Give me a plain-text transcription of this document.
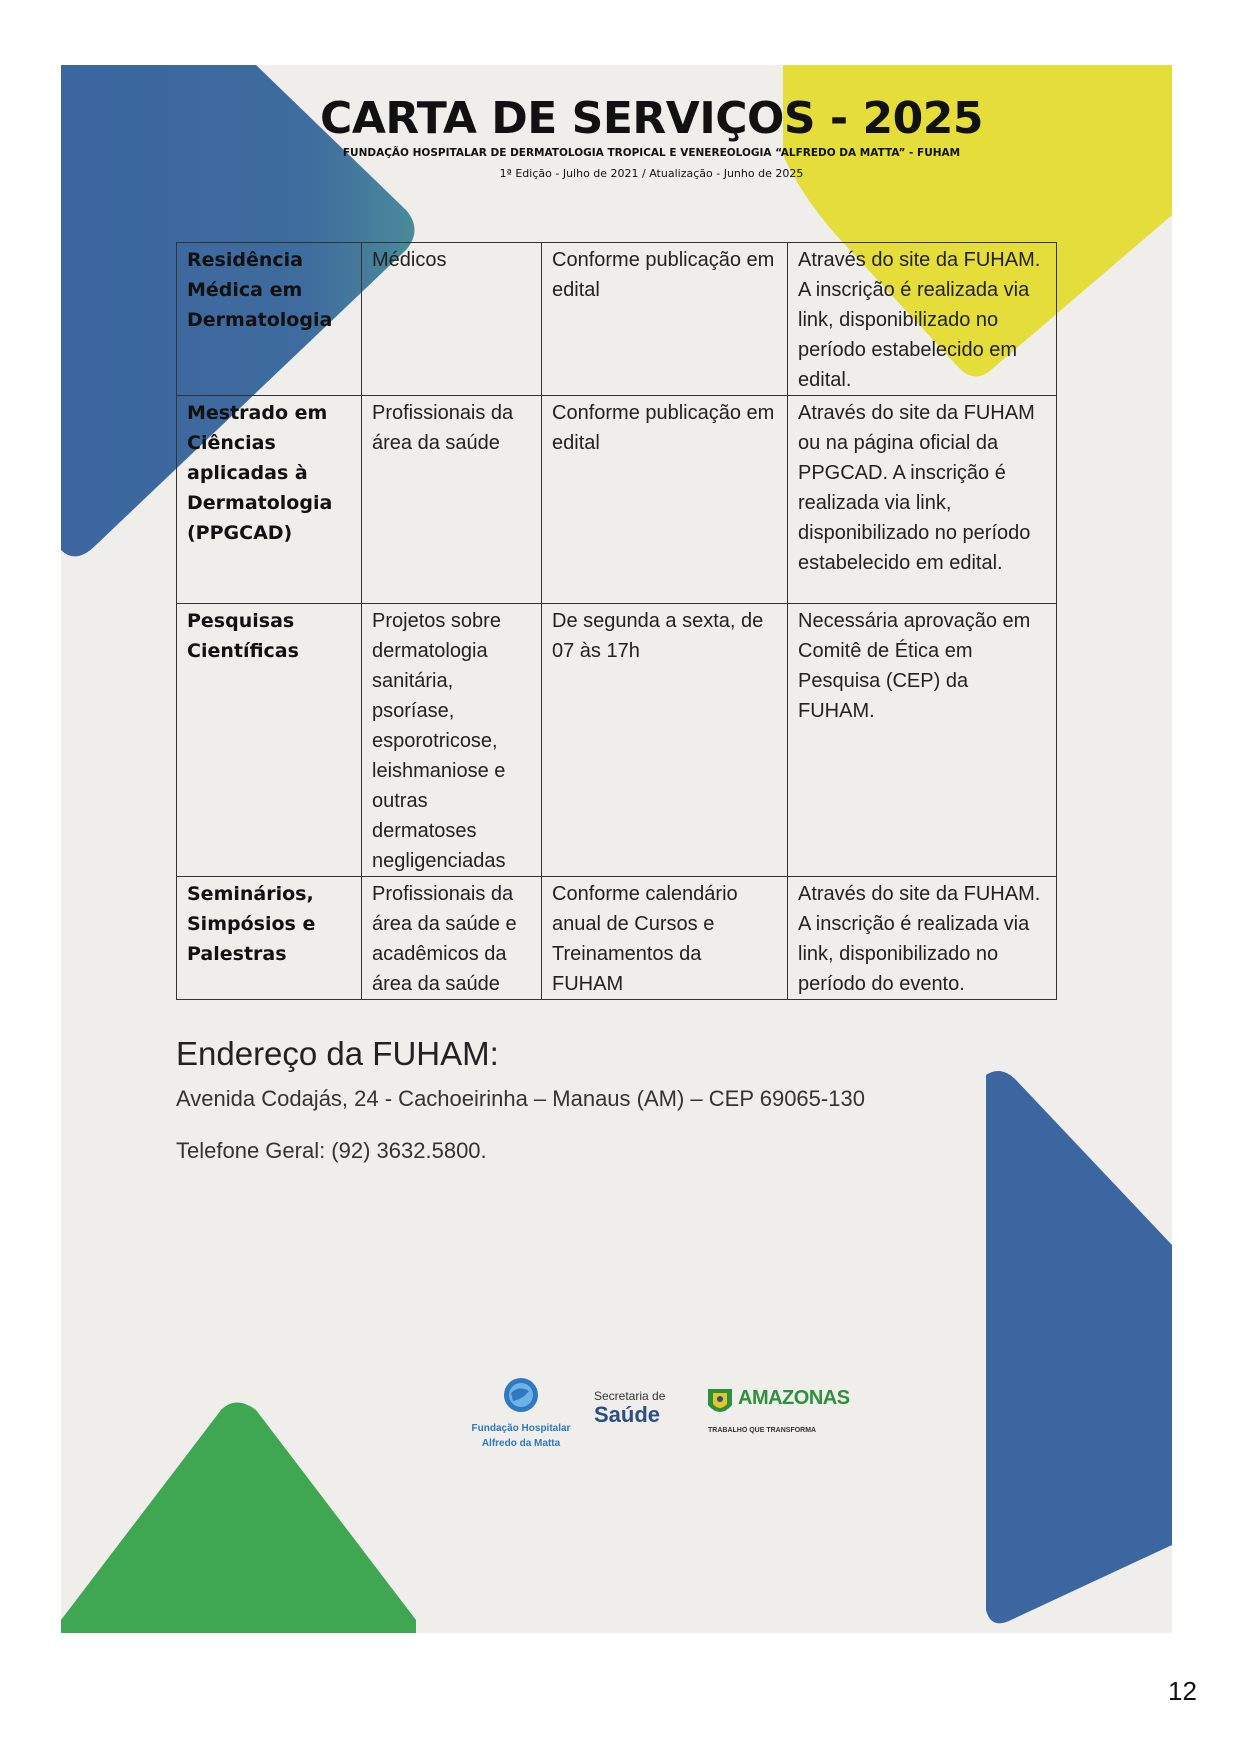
CARTA DE SERVIÇOS - 2025
FUNDAÇÃO HOSPITALAR DE DERMATOLOGIA TROPICAL E VENEREOLOGIA “ALFREDO DA MATTA” - FUHAM
1ª Edição - Julho de 2021 / Atualização - Junho de 2025
Residência Médica em Dermatologia	Médicos	Conforme publicação em edital	Através do site da FUHAM. A inscrição é realizada via link, disponibilizado no período estabelecido em edital.
Mestrado em Ciências aplicadas à Dermatologia (PPGCAD)	Profissionais da área da saúde	Conforme publicação em edital	Através do site da FUHAM ou na página oficial da PPGCAD. A inscrição é realizada via link, disponibilizado no período estabelecido em edital.
Pesquisas Científicas	Projetos sobre dermatologia sanitária, psoríase, esporotricose, leishmaniose e outras dermatoses negligenciadas	De segunda a sexta, de 07 às 17h	Necessária aprovação em Comitê de Ética em Pesquisa (CEP) da FUHAM.
Seminários, Simpósios e Palestras	Profissionais da área da saúde e acadêmicos da área da saúde	Conforme calendário anual de Cursos e Treinamentos da FUHAM	Através do site da FUHAM. A inscrição é realizada via link, disponibilizado no período do evento.
Endereço da FUHAM:
Avenida Codajás, 24 - Cachoeirinha – Manaus (AM) – CEP 69065-130
Telefone Geral: (92) 3632.5800.
Fundação Hospitalar
Alfredo da Matta
Secretaria de
Saúde
AMAZONAS
TRABALHO QUE TRANSFORMA
12
